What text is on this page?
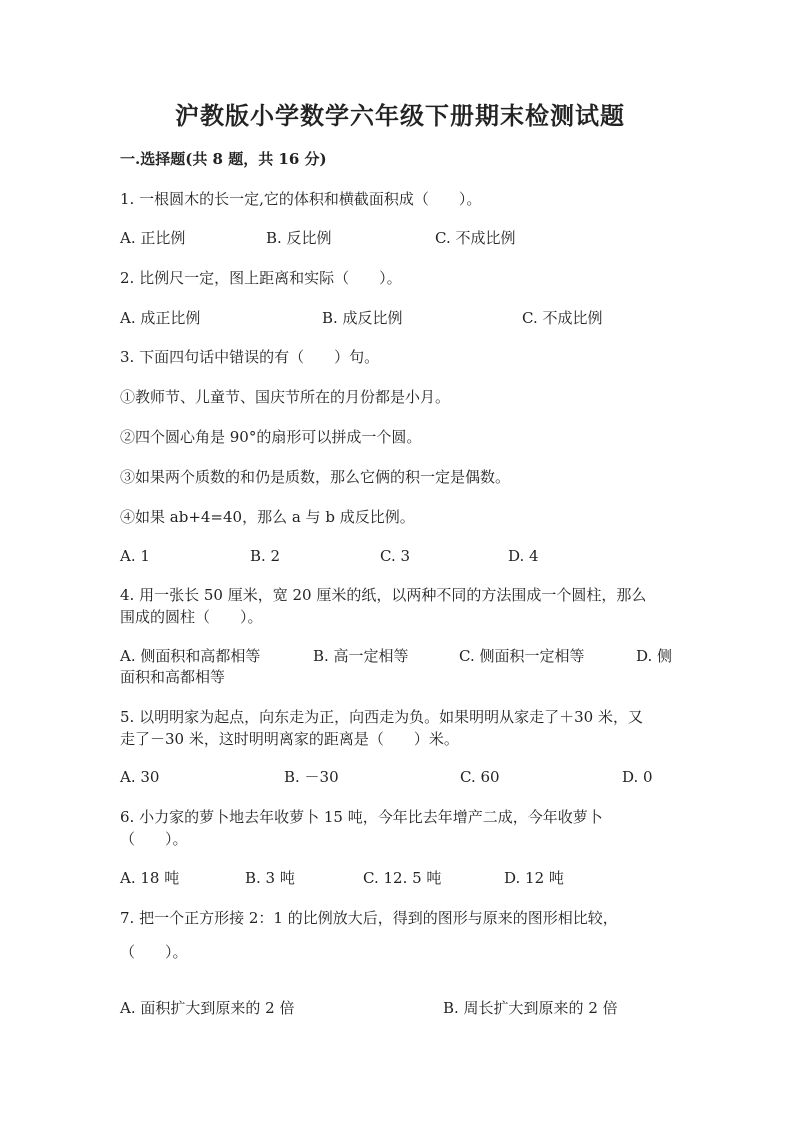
沪教版小学数学六年级下册期末检测试题
一.选择题(共 8 题，共 16 分)
1. 一根圆木的长一定,它的体积和横截面积成（　　）。
A. 正比例	B. 反比例	C. 不成比例
2. 比例尺一定，图上距离和实际（　　）。
A. 成正比例	B. 成反比例	C. 不成比例
3. 下面四句话中错误的有（　　）句。
①教师节、儿童节、国庆节所在的月份都是小月。
②四个圆心角是 90°的扇形可以拼成一个圆。
③如果两个质数的和仍是质数，那么它俩的积一定是偶数。
④如果 ab+4=40，那么 a 与 b 成反比例。
A. 1	B. 2	C. 3	D. 4
4. 用一张长 50 厘米，宽 20 厘米的纸，以两种不同的方法围成一个圆柱，那么
围成的圆柱（　　）。
A. 侧面积和高都相等	B. 高一定相等	C. 侧面积一定相等	D. 侧
面积和高都相等
5. 以明明家为起点，向东走为正，向西走为负。如果明明从家走了＋30 米，又
走了－30 米，这时明明离家的距离是（　　）米。
A. 30	B. －30	C. 60	D. 0
6. 小力家的萝卜地去年收萝卜 15 吨，今年比去年增产二成，今年收萝卜
（　　）。
A. 18 吨	B. 3 吨	C. 12. 5 吨	D. 12 吨
7. 把一个正方形接 2：1 的比例放大后，得到的图形与原来的图形相比较，
（　　）。
A. 面积扩大到原来的 2 倍	B. 周长扩大到原来的 2 倍
